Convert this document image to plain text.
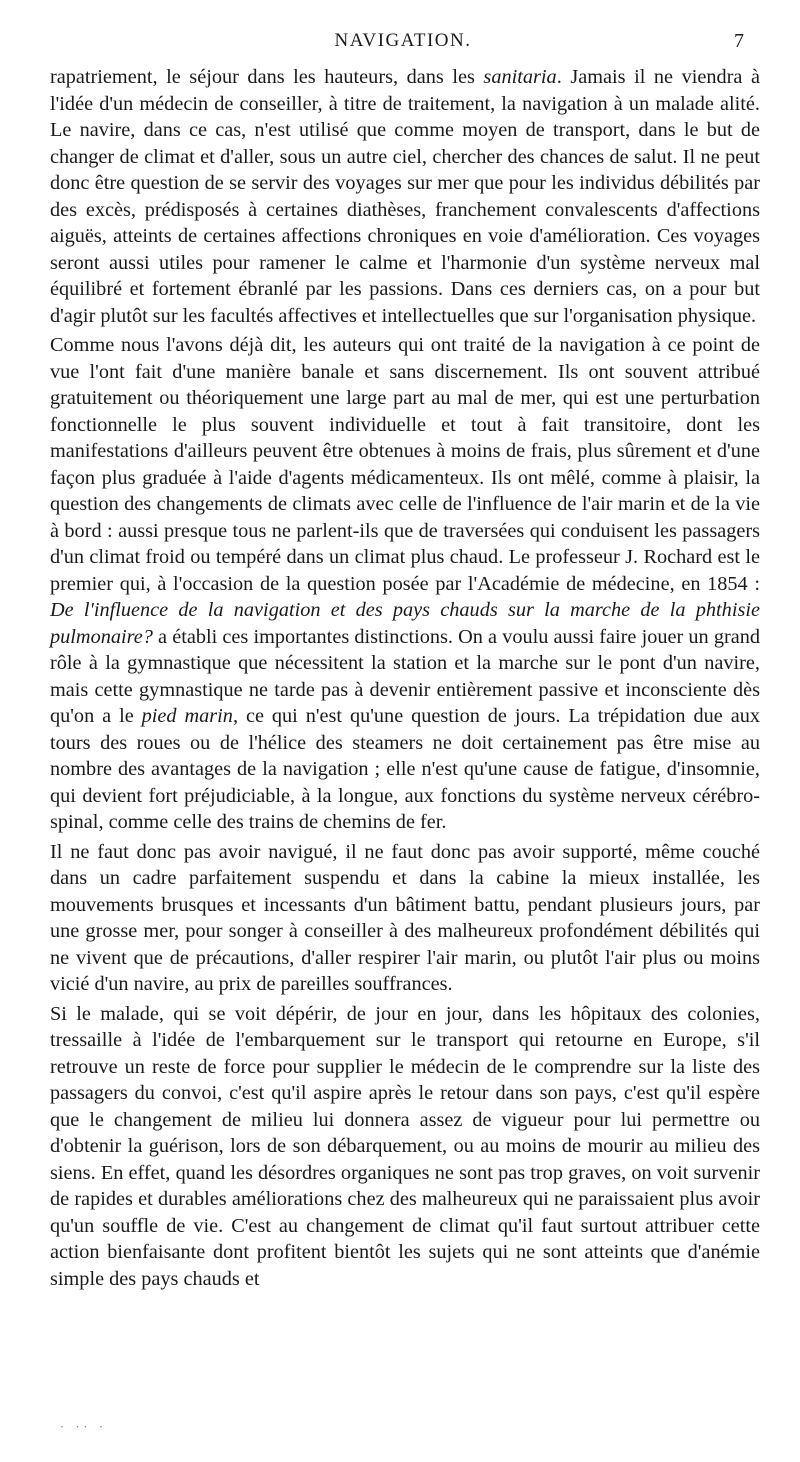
NAVIGATION.	7

rapatriement, le séjour dans les hauteurs, dans les sanitaria. Jamais il ne viendra à l'idée d'un médecin de conseiller, à titre de traitement, la navigation à un malade alité. Le navire, dans ce cas, n'est utilisé que comme moyen de transport, dans le but de changer de climat et d'aller, sous un autre ciel, chercher des chances de salut. Il ne peut donc être question de se servir des voyages sur mer que pour les individus débilités par des excès, prédisposés à certaines diathèses, franchement convalescents d'affections aiguës, atteints de certaines affections chroniques en voie d'amélioration. Ces voyages seront aussi utiles pour ramener le calme et l'harmonie d'un système nerveux mal équilibré et fortement ébranlé par les passions. Dans ces derniers cas, on a pour but d'agir plutôt sur les facultés affectives et intellectuelles que sur l'organisation physique.

Comme nous l'avons déjà dit, les auteurs qui ont traité de la navigation à ce point de vue l'ont fait d'une manière banale et sans discernement. Ils ont souvent attribué gratuitement ou théoriquement une large part au mal de mer, qui est une perturbation fonctionnelle le plus souvent individuelle et tout à fait transitoire, dont les manifestations d'ailleurs peuvent être obtenues à moins de frais, plus sûrement et d'une façon plus graduée à l'aide d'agents médicamenteux. Ils ont mêlé, comme à plaisir, la question des changements de climats avec celle de l'influence de l'air marin et de la vie à bord : aussi presque tous ne parlent-ils que de traversées qui conduisent les passagers d'un climat froid ou tempéré dans un climat plus chaud. Le professeur J. Rochard est le premier qui, à l'occasion de la question posée par l'Académie de médecine, en 1854 : De l'influence de la navigation et des pays chauds sur la marche de la phthisie pulmonaire? a établi ces importantes distinctions. On a voulu aussi faire jouer un grand rôle à la gymnastique que nécessitent la station et la marche sur le pont d'un navire, mais cette gymnastique ne tarde pas à devenir entièrement passive et inconsciente dès qu'on a le pied marin, ce qui n'est qu'une question de jours. La trépidation due aux tours des roues ou de l'hélice des steamers ne doit certainement pas être mise au nombre des avantages de la navigation ; elle n'est qu'une cause de fatigue, d'insomnie, qui devient fort préjudiciable, à la longue, aux fonctions du système nerveux cérébro-spinal, comme celle des trains de chemins de fer.

Il ne faut donc pas avoir navigué, il ne faut donc pas avoir supporté, même couché dans un cadre parfaitement suspendu et dans la cabine la mieux installée, les mouvements brusques et incessants d'un bâtiment battu, pendant plusieurs jours, par une grosse mer, pour songer à conseiller à des malheureux profondément débilités qui ne vivent que de précautions, d'aller respirer l'air marin, ou plutôt l'air plus ou moins vicié d'un navire, au prix de pareilles souffrances.

Si le malade, qui se voit dépérir, de jour en jour, dans les hôpitaux des colonies, tressaille à l'idée de l'embarquement sur le transport qui retourne en Europe, s'il retrouve un reste de force pour supplier le médecin de le comprendre sur la liste des passagers du convoi, c'est qu'il aspire après le retour dans son pays, c'est qu'il espère que le changement de milieu lui donnera assez de vigueur pour lui permettre ou d'obtenir la guérison, lors de son débarquement, ou au moins de mourir au milieu des siens. En effet, quand les désordres organiques ne sont pas trop graves, on voit survenir de rapides et durables améliorations chez des malheureux qui ne paraissaient plus avoir qu'un souffle de vie. C'est au changement de climat qu'il faut surtout attribuer cette action bienfaisante dont profitent bientôt les sujets qui ne sont atteints que d'anémie simple des pays chauds et

· ·· ·
